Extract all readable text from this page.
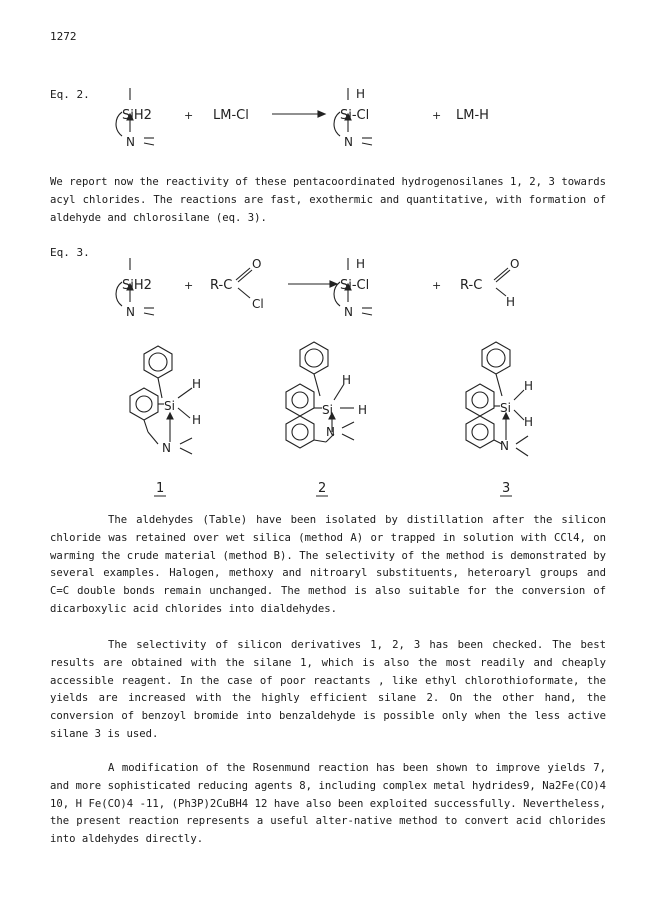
1272
Eq. 2.
SiH2	+ LM-Cl
H
Si-Cl	+ LM-H
N	N

We report now the reactivity of these pentacoordinated hydrogenosilanes 1, 2, 3 towards acyl chlorides. The reactions are fast, exothermic and quantitative, with formation of aldehyde and chlorosilane (eq. 3).

Eq. 3.
SiH2	+ R-C
O
Cl
H
Si-Cl	+ R-C
O
H
N	N
Si
H
H
N
Si
H
H
N
Si
H
H
N
1	2	3

The aldehydes (Table) have been isolated by distillation after the silicon chloride was retained over wet silica (method A) or trapped in solution with CCl4, on warming the crude material (method B). The selectivity of the method is demonstrated by several examples. Halogen, methoxy and nitroaryl substituents, heteroaryl groups and C=C double bonds remain unchanged. The method is also suitable for the conversion of dicarboxylic acid chlorides into dialdehydes.

The selectivity of silicon derivatives 1, 2, 3 has been checked. The best results are obtained with the silane 1, which is also the most readily and cheaply accessible reagent. In the case of poor reactants , like ethyl chlorothioformate, the yields are increased with the highly efficient silane 2. On the other hand, the conversion of benzoyl bromide into benzaldehyde is possible only when the less active silane 3 is used.

A modification of the Rosenmund reaction has been shown to improve yields 7, and more sophisticated reducing agents 8, including complex metal hydrides9, Na2Fe(CO)4 10, H Fe(CO)4 -11, (Ph3P)2CuBH4 12 have also been exploited successfully. Nevertheless, the present reaction represents a useful alter-native method to convert acid chlorides into aldehydes directly.
